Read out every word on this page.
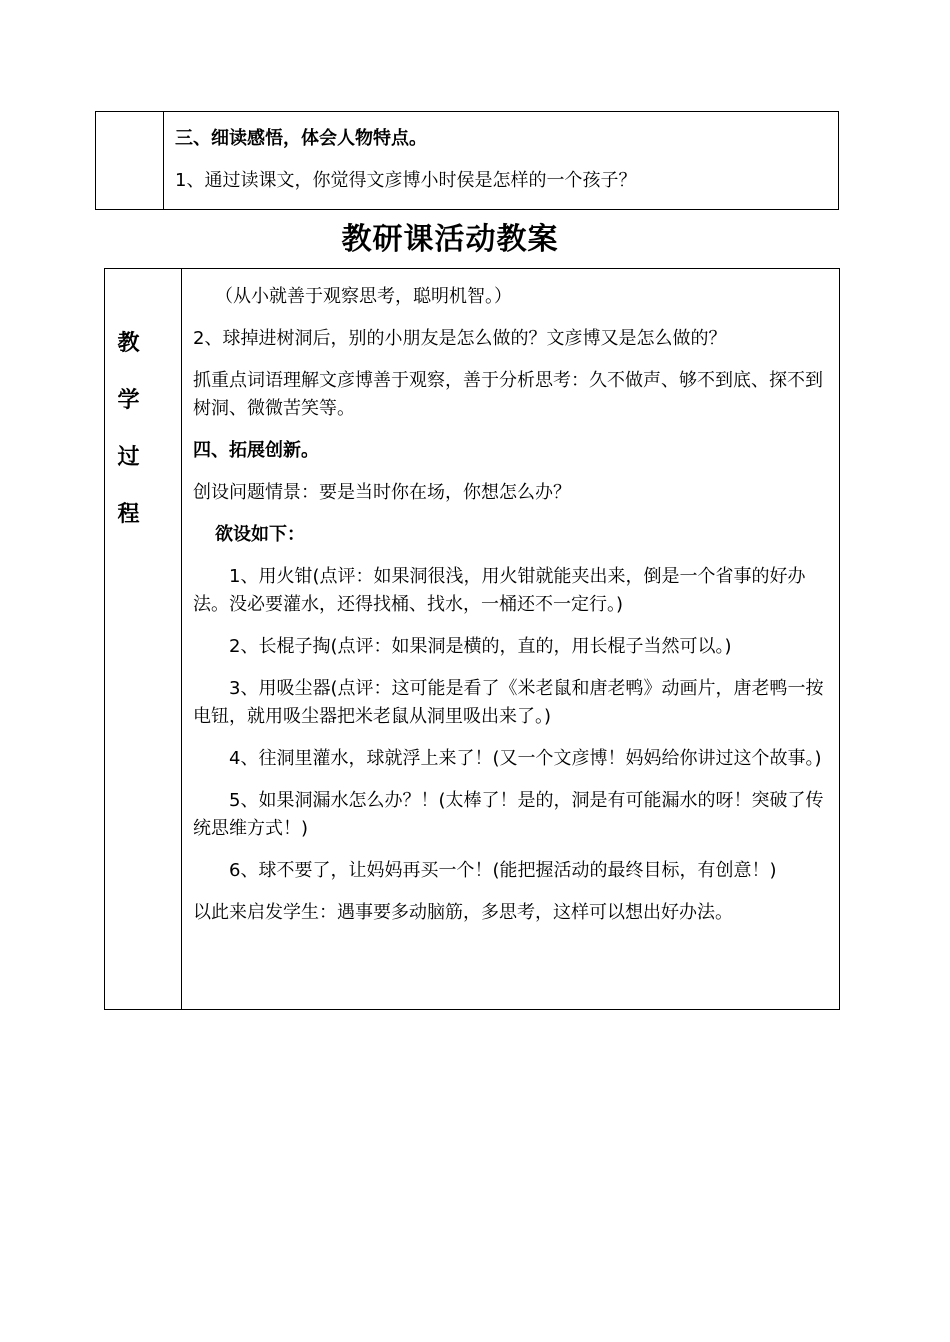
三、细读感悟，体会人物特点。

1、通过读课文，你觉得文彦博小时侯是怎样的一个孩子？

教研课活动教案
教
学
过
程

（从小就善于观察思考，聪明机智。）

2、球掉进树洞后，别的小朋友是怎么做的？文彦博又是怎么做的？

抓重点词语理解文彦博善于观察，善于分析思考：久不做声、够不到底、探不到树洞、微微苦笑等。

四、拓展创新。

创设问题情景：要是当时你在场，你想怎么办？

欲设如下：

1、用火钳(点评：如果洞很浅，用火钳就能夹出来，倒是一个省事的好办法。没必要灌水，还得找桶、找水，一桶还不一定行。)

2、长棍子掏(点评：如果洞是横的，直的，用长棍子当然可以。)

3、用吸尘器(点评：这可能是看了《米老鼠和唐老鸭》动画片，唐老鸭一按电钮，就用吸尘器把米老鼠从洞里吸出来了。)

4、往洞里灌水，球就浮上来了！(又一个文彦博！妈妈给你讲过这个故事。)

5、如果洞漏水怎么办？！(太棒了！是的，洞是有可能漏水的呀！突破了传统思维方式！)

6、球不要了，让妈妈再买一个！(能把握活动的最终目标，有创意！)

以此来启发学生：遇事要多动脑筋，多思考，这样可以想出好办法。
